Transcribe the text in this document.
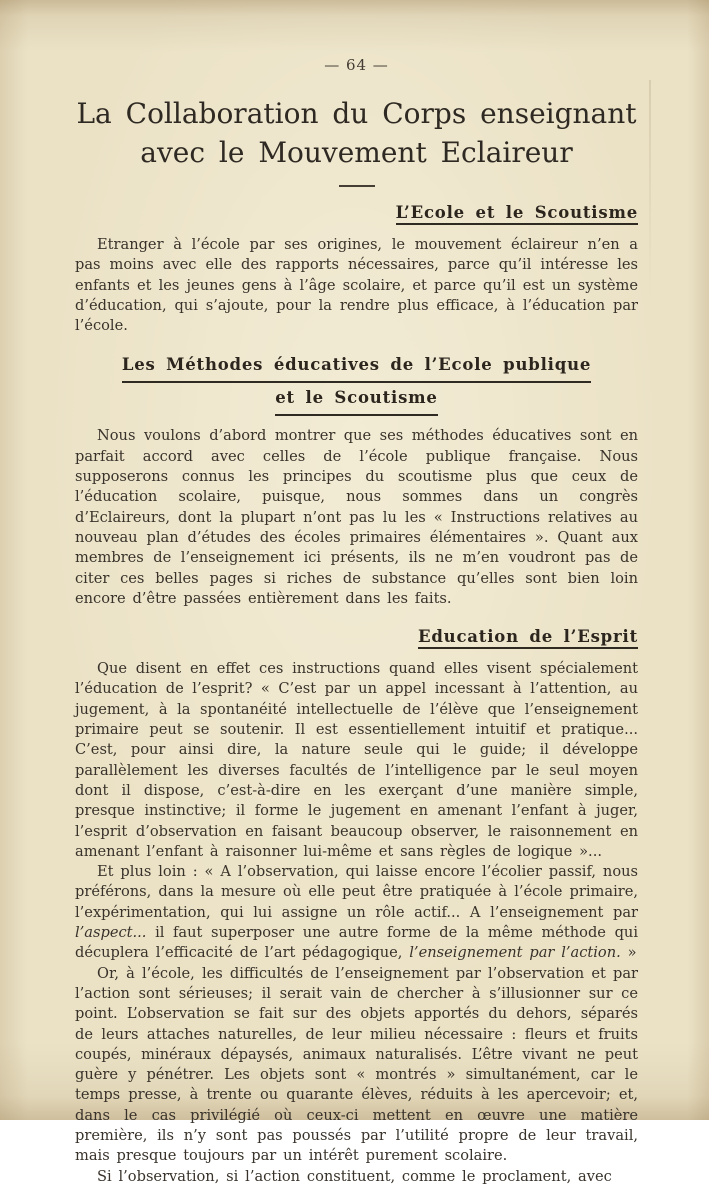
— 64 —
La Collaboration du Corps enseignant
avec le Mouvement Eclaireur
L’Ecole et le Scoutisme

Etranger à l’école par ses origines, le mouvement éclaireur n’en a pas moins avec elle des rapports nécessaires, parce qu’il intéresse les enfants et les jeunes gens à l’âge scolaire, et parce qu’il est un système d’éducation, qui s’ajoute, pour la rendre plus efficace, à l’éducation par l’école.

Les Méthodes éducatives de l’Ecole publique
et le Scoutisme

Nous voulons d’abord montrer que ses méthodes éducatives sont en parfait accord avec celles de l’école publique française. Nous supposerons connus les principes du scoutisme plus que ceux de l’éducation scolaire, puisque, nous sommes dans un congrès d’Eclaireurs, dont la plupart n’ont pas lu les « Instructions relatives au nouveau plan d’études des écoles primaires élémentaires ». Quant aux membres de l’enseignement ici présents, ils ne m’en voudront pas de citer ces belles pages si riches de substance qu’elles sont bien loin encore d’être passées entièrement dans les faits.

Education de l’Esprit

Que disent en effet ces instructions quand elles visent spécialement l’éducation de l’esprit? « C’est par un appel incessant à l’attention, au jugement, à la spontanéité intellectuelle de l’élève que l’enseignement primaire peut se soutenir. Il est essentiellement intuitif et pratique... C’est, pour ainsi dire, la nature seule qui le guide; il développe parallèlement les diverses facultés de l’intelligence par le seul moyen dont il dispose, c’est-à-dire en les exerçant d’une manière simple, presque instinctive; il forme le jugement en amenant l’enfant à juger, l’esprit d’observation en faisant beaucoup observer, le raisonnement en amenant l’enfant à raisonner lui-même et sans règles de logique »...

Et plus loin : « A l’observation, qui laisse encore l’écolier passif, nous préférons, dans la mesure où elle peut être pratiquée à l’école primaire, l’expérimentation, qui lui assigne un rôle actif... A l’enseignement par l’aspect... il faut superposer une autre forme de la même méthode qui décuplera l’efficacité de l’art pédagogique, l’enseignement par l’action. »

Or, à l’école, les difficultés de l’enseignement par l’observation et par l’action sont sérieuses; il serait vain de chercher à s’illusionner sur ce point. L’observation se fait sur des objets apportés du dehors, séparés de leurs attaches naturelles, de leur milieu nécessaire : fleurs et fruits coupés, minéraux dépaysés, animaux naturalisés. L’être vivant ne peut guère y pénétrer. Les objets sont « montrés » simultanément, car le temps presse, à trente ou quarante élèves, réduits à les apercevoir; et, dans le cas privilégié où ceux-ci mettent en œuvre une matière première, ils n’y sont pas poussés par l’utilité propre de leur travail, mais presque toujours par un intérêt purement scolaire.

Si l’observation, si l’action constituent, comme le proclament, avec
